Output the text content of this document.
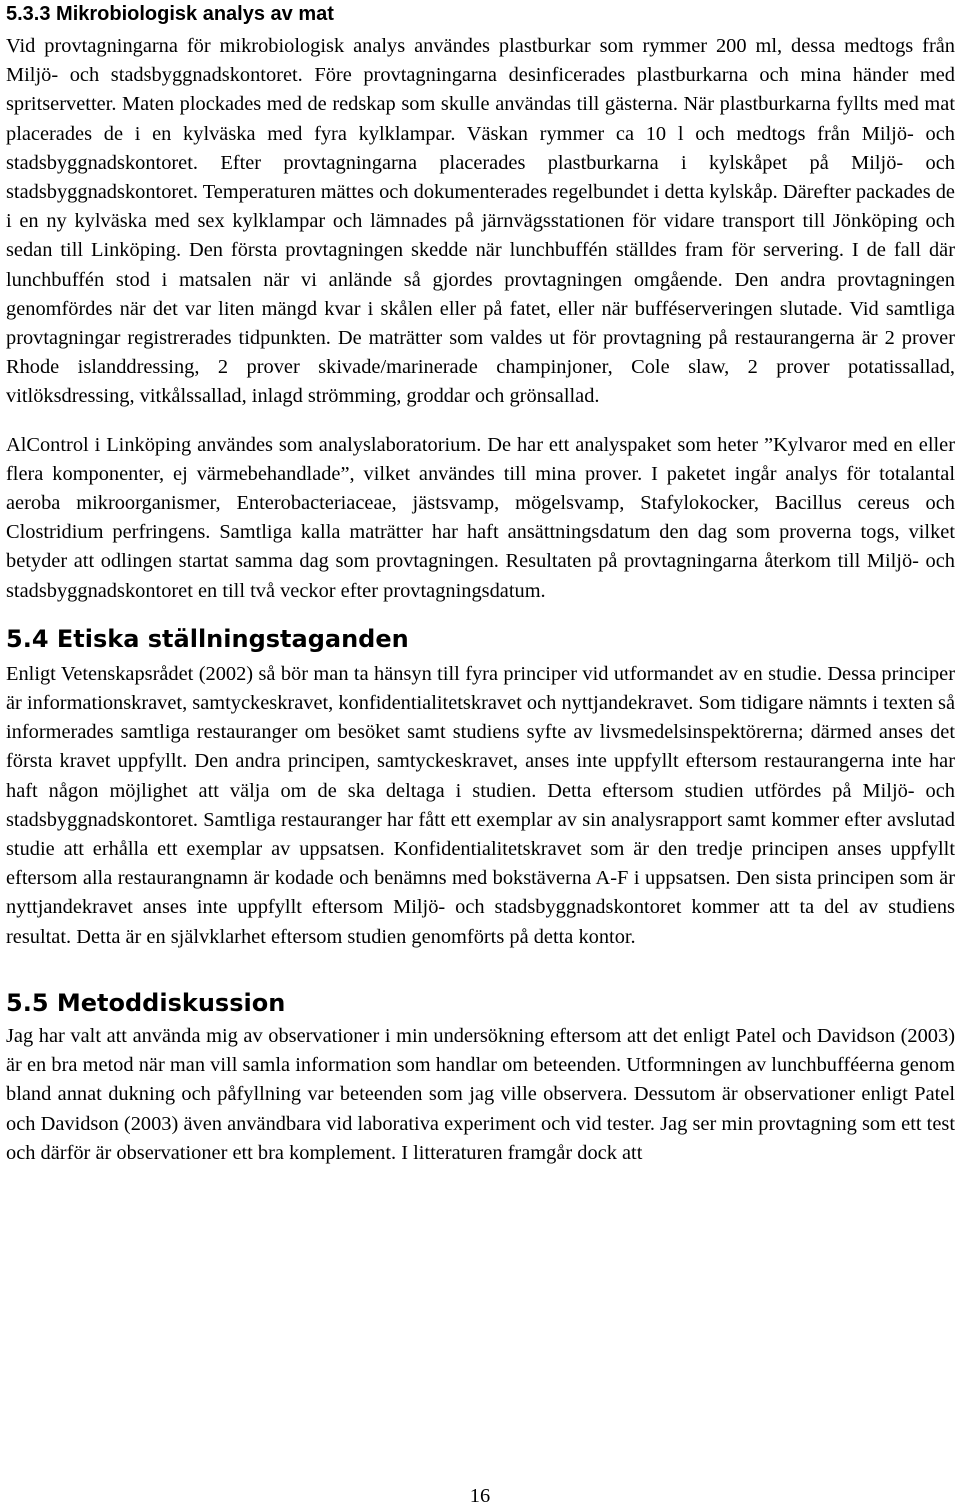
5.3.3 Mikrobiologisk analys av mat

Vid provtagningarna för mikrobiologisk analys användes plastburkar som rymmer 200 ml, dessa medtogs från Miljö- och stadsbyggnadskontoret. Före provtagningarna desinficerades plastburkarna och mina händer med spritservetter. Maten plockades med de redskap som skulle användas till gästerna. När plastburkarna fyllts med mat placerades de i en kylväska med fyra kylklampar. Väskan rymmer ca 10 l och medtogs från Miljö- och stadsbyggnadskontoret. Efter provtagningarna placerades plastburkarna i kylskåpet på Miljö- och stadsbyggnadskontoret. Temperaturen mättes och dokumenterades regelbundet i detta kylskåp. Därefter packades de i en ny kylväska med sex kylklampar och lämnades på järnvägsstationen för vidare transport till Jönköping och sedan till Linköping. Den första provtagningen skedde när lunchbuffén ställdes fram för servering. I de fall där lunchbuffén stod i matsalen när vi anlände så gjordes provtagningen omgående. Den andra provtagningen genomfördes när det var liten mängd kvar i skålen eller på fatet, eller när bufféserveringen slutade. Vid samtliga provtagningar registrerades tidpunkten. De maträtter som valdes ut för provtagning på restaurangerna är 2 prover Rhode islanddressing, 2 prover skivade/marinerade champinjoner, Cole slaw, 2 prover potatissallad, vitlöksdressing, vitkålssallad, inlagd strömming, groddar och grönsallad.

AlControl i Linköping användes som analyslaboratorium. De har ett analyspaket som heter ”Kylvaror med en eller flera komponenter, ej värmebehandlade”, vilket användes till mina prover. I paketet ingår analys för totalantal aeroba mikroorganismer, Enterobacteriaceae, jästsvamp, mögelsvamp, Stafylokocker, Bacillus cereus och Clostridium perfringens. Samtliga kalla maträtter har haft ansättningsdatum den dag som proverna togs, vilket betyder att odlingen startat samma dag som provtagningen. Resultaten på provtagningarna återkom till Miljö- och stadsbyggnadskontoret en till två veckor efter provtagningsdatum.

5.4 Etiska ställningstaganden

Enligt Vetenskapsrådet (2002) så bör man ta hänsyn till fyra principer vid utformandet av en studie. Dessa principer är informationskravet, samtyckeskravet, konfidentialitetskravet och nyttjandekravet. Som tidigare nämnts i texten så informerades samtliga restauranger om besöket samt studiens syfte av livsmedelsinspektörerna; därmed anses det första kravet uppfyllt. Den andra principen, samtyckeskravet, anses inte uppfyllt eftersom restaurangerna inte har haft någon möjlighet att välja om de ska deltaga i studien. Detta eftersom studien utfördes på Miljö- och stadsbyggnadskontoret. Samtliga restauranger har fått ett exemplar av sin analysrapport samt kommer efter avslutad studie att erhålla ett exemplar av uppsatsen. Konfidentialitetskravet som är den tredje principen anses uppfyllt eftersom alla restaurangnamn är kodade och benämns med bokstäverna A-F i uppsatsen. Den sista principen som är nyttjandekravet anses inte uppfyllt eftersom Miljö- och stadsbyggnadskontoret kommer att ta del av studiens resultat. Detta är en självklarhet eftersom studien genomförts på detta kontor.

5.5 Metoddiskussion

Jag har valt att använda mig av observationer i min undersökning eftersom att det enligt Patel och Davidson (2003) är en bra metod när man vill samla information som handlar om beteenden. Utformningen av lunchbufféerna genom bland annat dukning och påfyllning var beteenden som jag ville observera. Dessutom är observationer enligt Patel och Davidson (2003) även användbara vid laborativa experiment och vid tester. Jag ser min provtagning som ett test och därför är observationer ett bra komplement. I litteraturen framgår dock att

16
